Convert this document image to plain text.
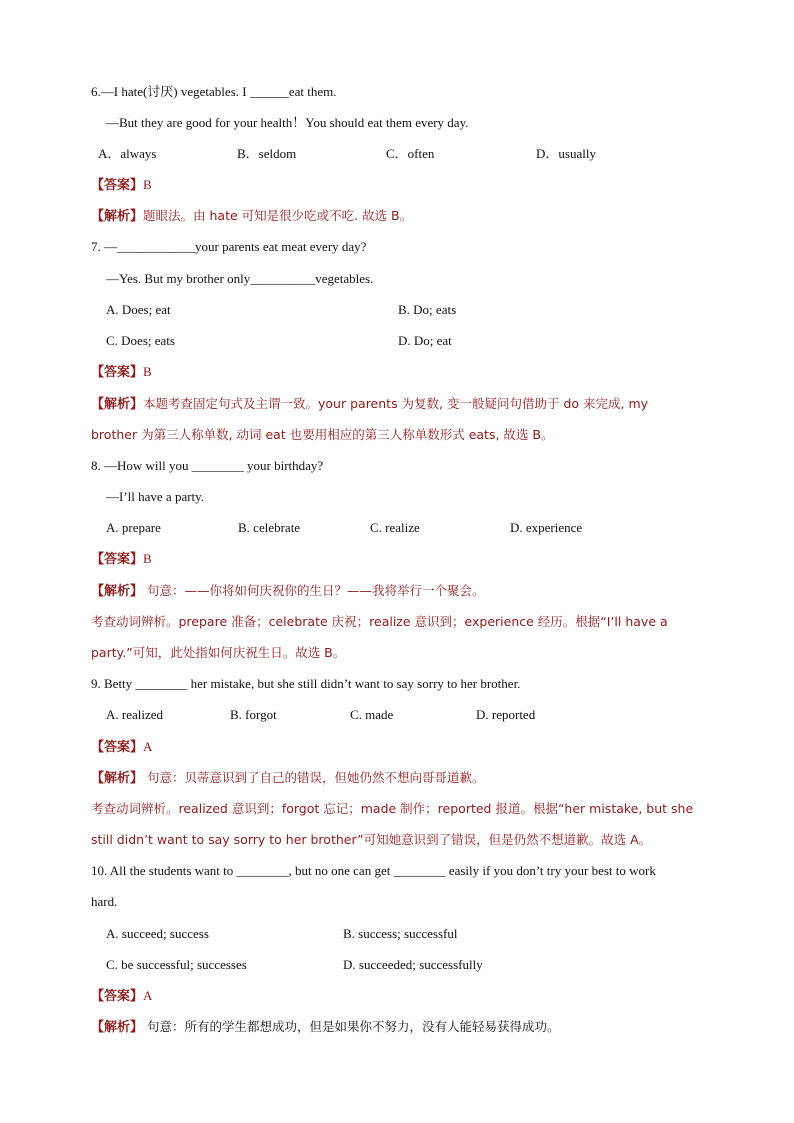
6.—I hate(讨厌) vegetables. I ______eat them.
—But they are good for your health！You should eat them every day.
A．always	B．seldom	C．often	D．usually
【答案】B
【解析】题眼法。由 hate 可知是很少吃或不吃. 故选 B。
7. —____________your parents eat meat every day?
—Yes. But my brother only__________vegetables.
A. Does; eat	B. Do; eats
C. Does; eats	D. Do; eat
【答案】B
【解析】本题考查固定句式及主谓一致。your parents 为复数, 变一般疑问句借助于 do 来完成, my
brother 为第三人称单数, 动词 eat 也要用相应的第三人称单数形式 eats, 故选 B。
8. —How will you ________ your birthday?
—I’ll have a party.
A. prepare	B. celebrate	C. realize	D. experience
【答案】B
【解析】 句意：——你将如何庆祝你的生日？——我将举行一个聚会。
考查动词辨析。prepare 准备；celebrate 庆祝；realize 意识到；experience 经历。根据“I’ll have a
party.”可知，此处指如何庆祝生日。故选 B。
9. Betty ________ her mistake, but she still didn’t want to say sorry to her brother.
A. realized	B. forgot	C. made	D. reported
【答案】A
【解析】 句意：贝蒂意识到了自己的错误，但她仍然不想向哥哥道歉。
考查动词辨析。realized 意识到；forgot 忘记；made 制作；reported 报道。根据“her mistake, but she
still didn’t want to say sorry to her brother”可知她意识到了错误，但是仍然不想道歉。故选 A。
10. All the students want to ________, but no one can get ________ easily if you don’t try your best to work
hard.
A. succeed; success	B. success; successful
C. be successful; successes	D. succeeded; successfully
【答案】A
【解析】 句意：所有的学生都想成功，但是如果你不努力，没有人能轻易获得成功。
